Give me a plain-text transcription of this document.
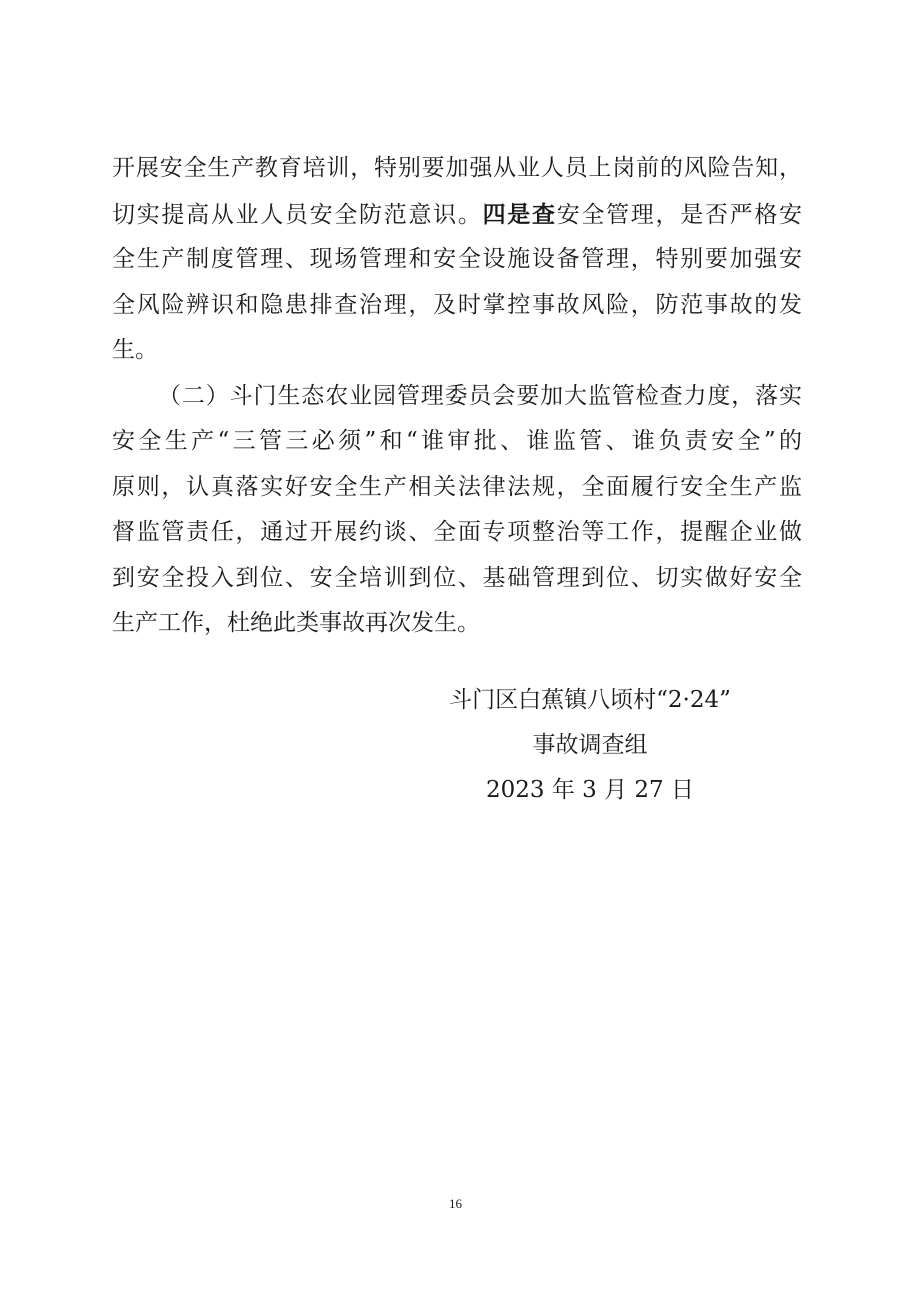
开展安全生产教育培训，特别要加强从业人员上岗前的风险告知，
切实提高从业人员安全防范意识。四是查安全管理，是否严格安
全生产制度管理、现场管理和安全设施设备管理，特别要加强安
全风险辨识和隐患排查治理，及时掌控事故风险，防范事故的发
生。
（二）斗门生态农业园管理委员会要加大监管检查力度，落实
安全生产“三管三必须”和“谁审批、谁监管、谁负责安全”的
原则，认真落实好安全生产相关法律法规，全面履行安全生产监
督监管责任，通过开展约谈、全面专项整治等工作，提醒企业做
到安全投入到位、安全培训到位、基础管理到位、切实做好安全
生产工作，杜绝此类事故再次发生。
斗门区白蕉镇八顷村“2·24”
事故调查组
2023 年 3 月 27 日
16
